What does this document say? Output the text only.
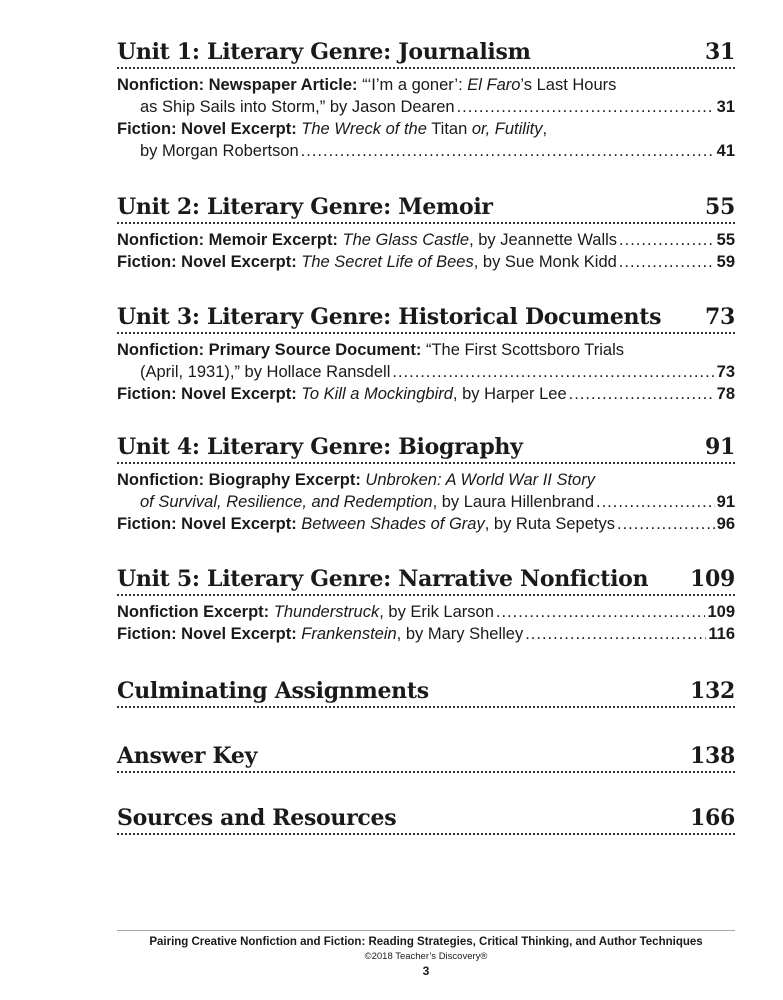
Unit 1: Literary Genre: Journalism	31
Nonfiction: Newspaper Article: “‘I’m a goner’: El Faro ’s Last Hours
as Ship Sails into Storm,” by Jason Dearen .....	31
Fiction: Novel Excerpt: The Wreck of the Titan or, Futility ,
by Morgan Robertson .....	41
Unit 2: Literary Genre: Memoir	55
Nonfiction: Memoir Excerpt: The Glass Castle , by Jeannette Walls .....	55
Fiction: Novel Excerpt: The Secret Life of Bees , by Sue Monk Kidd .....	59
Unit 3: Literary Genre: Historical Documents 73
Nonfiction: Primary Source Document: “The First Scottsboro Trials
(April, 1931),” by Hollace Ransdell .....	73
Fiction: Novel Excerpt: To Kill a Mockingbird , by Harper Lee .....	78
Unit 4: Literary Genre: Biography	91
Nonfiction: Biography Excerpt: Unbroken: A World War II Story
of Survival, Resilience, and Redemption , by Laura Hillenbrand .....	91
Fiction: Novel Excerpt: Between Shades of Gray , by Ruta Sepetys .....	96
Unit 5: Literary Genre: Narrative Nonfiction 109
Nonfiction Excerpt: Thunderstruck , by Erik Larson .....	109
Fiction: Novel Excerpt: Frankenstein , by Mary Shelley .....	116
Culminating Assignments	132
Answer Key	138
Sources and Resources	166
Pairing Creative Nonfiction and Fiction: Reading Strategies, Critical Thinking, and Author Techniques
©2018 Teacher’s Discovery®
3
